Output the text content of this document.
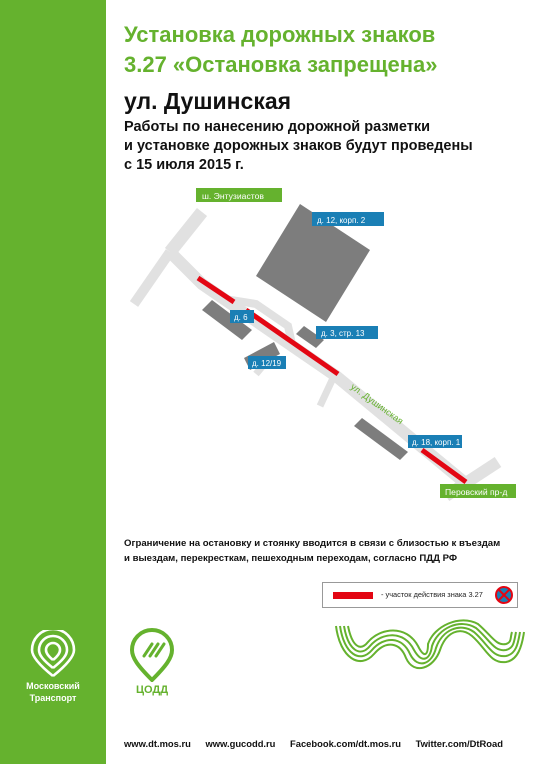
Установка дорожных знаков
3.27 «Остановка запрещена»
ул. Душинская
Работы по нанесению дорожной разметки
и установке дорожных знаков будут проведены
с 15 июля 2015 г.
ш. Энтузиастов
д. 12, корп. 2
д. 6
д. 3, стр. 13
д. 12/19
д. 18, корп. 1
ул. Душинская
Перовский пр-д
Ограничение на остановку и стоянку вводится в связи с близостью к въездам
и выездам, перекресткам, пешеходным переходам, согласно ПДД РФ
- участок действия знака 3.27
Московский
Транспорт
ЦОДД
www.dt.mos.ru www.gucodd.ru Facebook.com/dt.mos.ru Twitter.com/DtRoad
